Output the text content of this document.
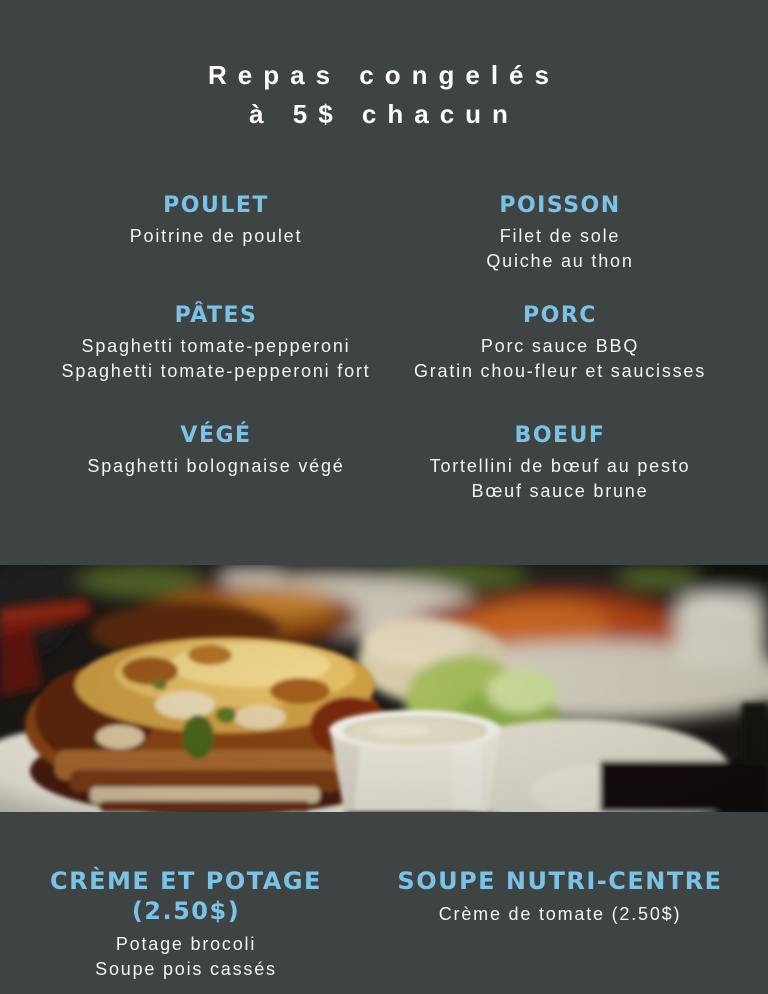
Repas congelés
à 5$ chacun
POULET
Poitrine de poulet
POISSON
Filet de sole
Quiche au thon
PÂTES
Spaghetti tomate-pepperoni
Spaghetti tomate-pepperoni fort
PORC
Porc sauce BBQ
Gratin chou-fleur et saucisses
VÉGÉ
Spaghetti bolognaise végé
BOEUF
Tortellini de bœuf au pesto
Bœuf sauce brune
CRÈME ET POTAGE (2.50$)
Potage brocoli
Soupe pois cassés
SOUPE NUTRI-CENTRE
Crème de tomate (2.50$)
